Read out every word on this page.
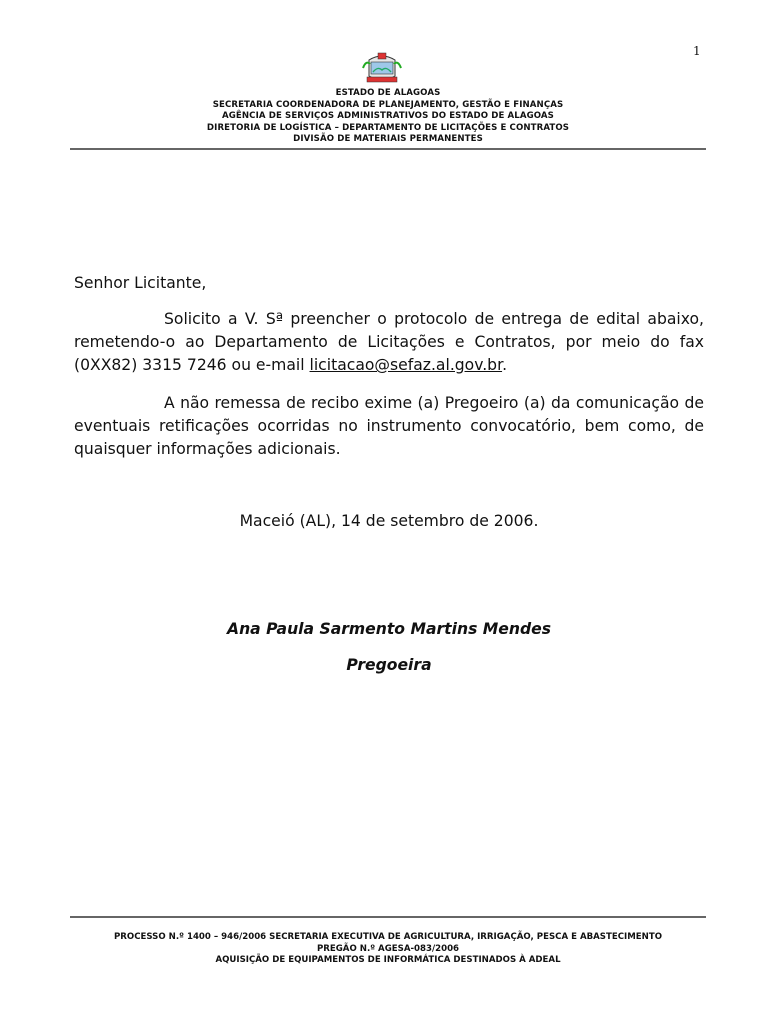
1
ESTADO DE ALAGOAS
SECRETARIA COORDENADORA DE PLANEJAMENTO, GESTÃO E FINANÇAS
AGÊNCIA DE SERVIÇOS ADMINISTRATIVOS DO ESTADO DE ALAGOAS
DIRETORIA DE LOGÍSTICA – DEPARTAMENTO DE LICITAÇÕES E CONTRATOS
DIVISÃO DE MATERIAIS PERMANENTES
Senhor Licitante,

Solicito a V. Sª preencher o protocolo de entrega de edital abaixo, remetendo-o ao Departamento de Licitações e Contratos, por meio do fax (0XX82) 3315 7246 ou e-mail licitacao@sefaz.al.gov.br.

A não remessa de recibo exime (a) Pregoeiro (a) da comunicação de eventuais retificações ocorridas no instrumento convocatório, bem como, de quaisquer informações adicionais.

Maceió (AL), 14 de setembro de 2006.
Ana Paula Sarmento Martins Mendes
Pregoeira
PROCESSO N.º 1400 – 946/2006 SECRETARIA EXECUTIVA DE AGRICULTURA, IRRIGAÇÃO, PESCA E ABASTECIMENTO
PREGÃO N.º AGESA-083/2006
AQUISIÇÃO DE EQUIPAMENTOS DE INFORMÁTICA DESTINADOS À ADEAL
